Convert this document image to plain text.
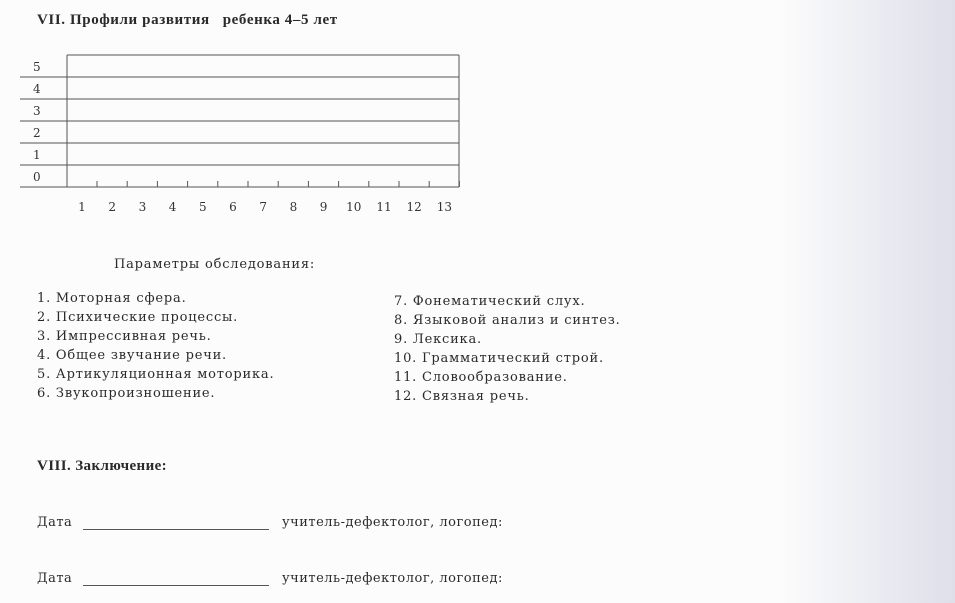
VII. Профили развития   ребенка 4–5 лет
5
4
3
2
1
0
1 2 3 4 5 6 7 8 9 10 11 12 13
Параметры обследования:
1. Моторная сфера.
2. Психические процессы.
3. Импрессивная речь.
4. Общее звучание речи.
5. Артикуляционная моторика.
6. Звукопроизношение.
7. Фонематический слух.
8. Языковой анализ и синтез.
9. Лексика.
10. Грамматический строй.
11. Словообразование.
12. Связная речь.
VIII. Заключение:
Дата	учитель-дефектолог, логопед:
Дата	учитель-дефектолог, логопед:
